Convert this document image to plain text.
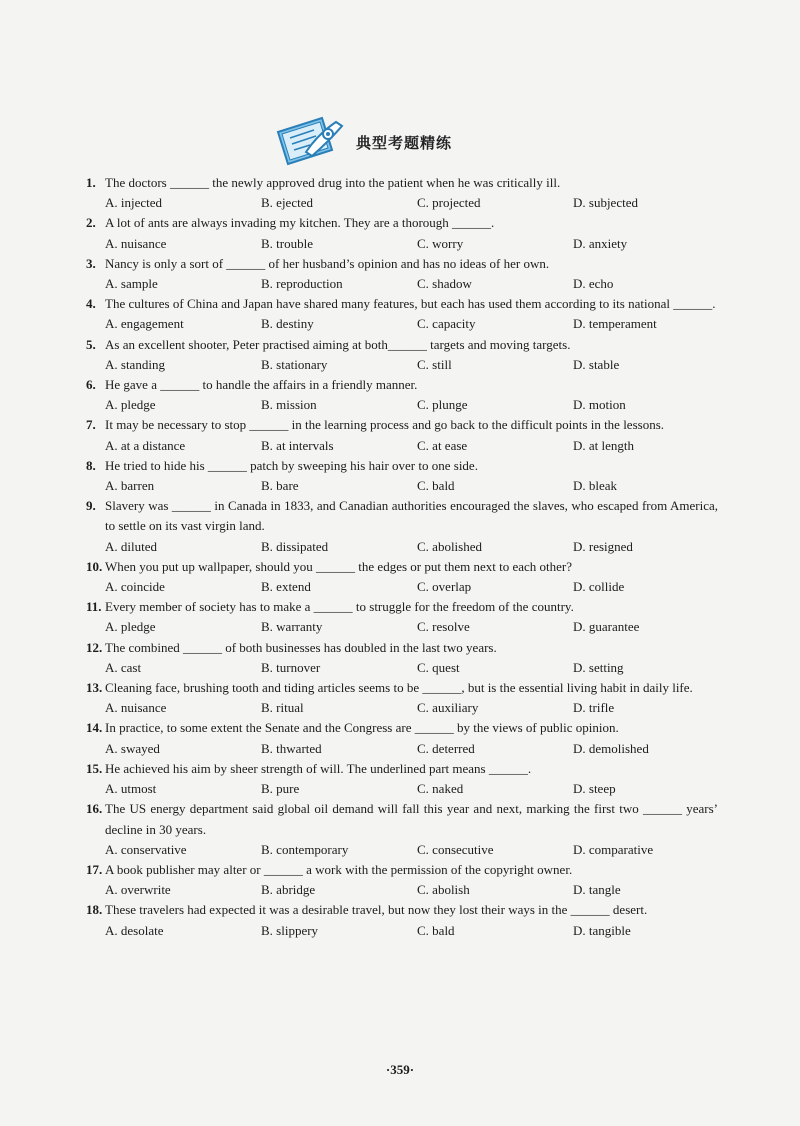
典型考题精练
1. The doctors ______ the newly approved drug into the patient when he was critically ill.
A. injected	B. ejected	C. projected	D. subjected
2. A lot of ants are always invading my kitchen. They are a thorough ______.
A. nuisance	B. trouble	C. worry	D. anxiety
3. Nancy is only a sort of ______ of her husband’s opinion and has no ideas of her own.
A. sample	B. reproduction	C. shadow	D. echo
4. The cultures of China and Japan have shared many features, but each has used them according to its national ______.
A. engagement	B. destiny	C. capacity	D. temperament
5. As an excellent shooter, Peter practised aiming at both______ targets and moving targets.
A. standing	B. stationary	C. still	D. stable
6. He gave a ______ to handle the affairs in a friendly manner.
A. pledge	B. mission	C. plunge	D. motion
7. It may be necessary to stop ______ in the learning process and go back to the difficult points in the lessons.
A. at a distance	B. at intervals	C. at ease	D. at length
8. He tried to hide his ______ patch by sweeping his hair over to one side.
A. barren	B. bare	C. bald	D. bleak
9. Slavery was ______ in Canada in 1833, and Canadian authorities encouraged the slaves, who escaped from America, to settle on its vast virgin land.
A. diluted	B. dissipated	C. abolished	D. resigned
10. When you put up wallpaper, should you ______ the edges or put them next to each other?
A. coincide	B. extend	C. overlap	D. collide
11. Every member of society has to make a ______ to struggle for the freedom of the country.
A. pledge	B. warranty	C. resolve	D. guarantee
12. The combined ______ of both businesses has doubled in the last two years.
A. cast	B. turnover	C. quest	D. setting
13. Cleaning face, brushing tooth and tiding articles seems to be ______, but is the essential living habit in daily life.
A. nuisance	B. ritual	C. auxiliary	D. trifle
14. In practice, to some extent the Senate and the Congress are ______ by the views of public opinion.
A. swayed	B. thwarted	C. deterred	D. demolished
15. He achieved his aim by sheer strength of will. The underlined part means ______.
A. utmost	B. pure	C. naked	D. steep
16. The US energy department said global oil demand will fall this year and next, marking the first two ______ years’ decline in 30 years.
A. conservative	B. contemporary	C. consecutive	D. comparative
17. A book publisher may alter or ______ a work with the permission of the copyright owner.
A. overwrite	B. abridge	C. abolish	D. tangle
18. These travelers had expected it was a desirable travel, but now they lost their ways in the ______ desert.
A. desolate	B. slippery	C. bald	D. tangible
·359·
